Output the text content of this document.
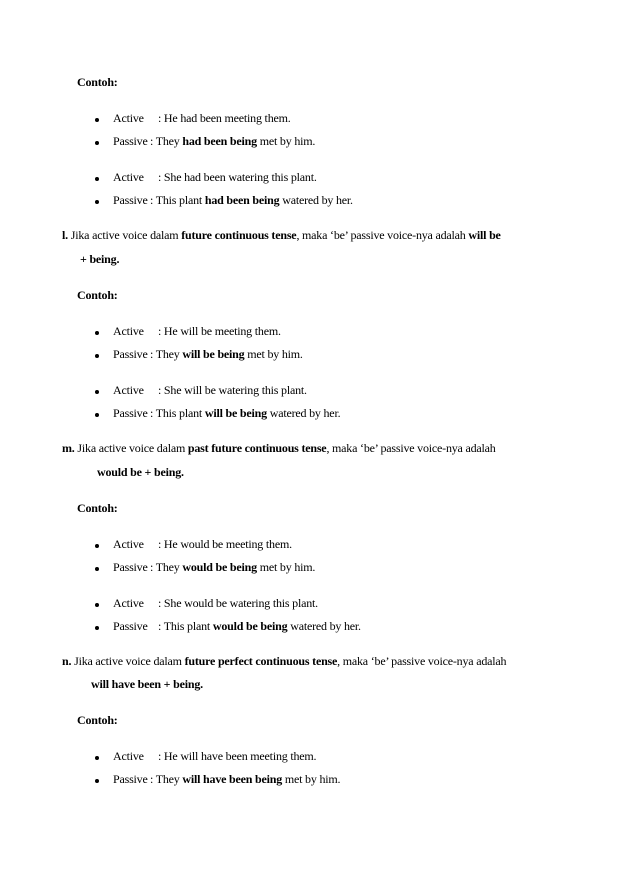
Contoh:
Active : He had been meeting them.
Passive : They had been being met by him.
Active : She had been watering this plant.
Passive : This plant had been being watered by her.
l. Jika active voice dalam future continuous tense, maka ‘be’ passive voice-nya adalah will be
+ being.
Contoh:
Active : He will be meeting them.
Passive : They will be being met by him.
Active : She will be watering this plant.
Passive : This plant will be being watered by her.
m. Jika active voice dalam past future continuous tense, maka ‘be’ passive voice-nya adalah
would be + being.
Contoh:
Active : He would be meeting them.
Passive : They would be being met by him.
Active : She would be watering this plant.
Passive : This plant would be being watered by her.
n. Jika active voice dalam future perfect continuous tense, maka ‘be’ passive voice-nya adalah
will have been + being.
Contoh:
Active : He will have been meeting them.
Passive : They will have been being met by him.
